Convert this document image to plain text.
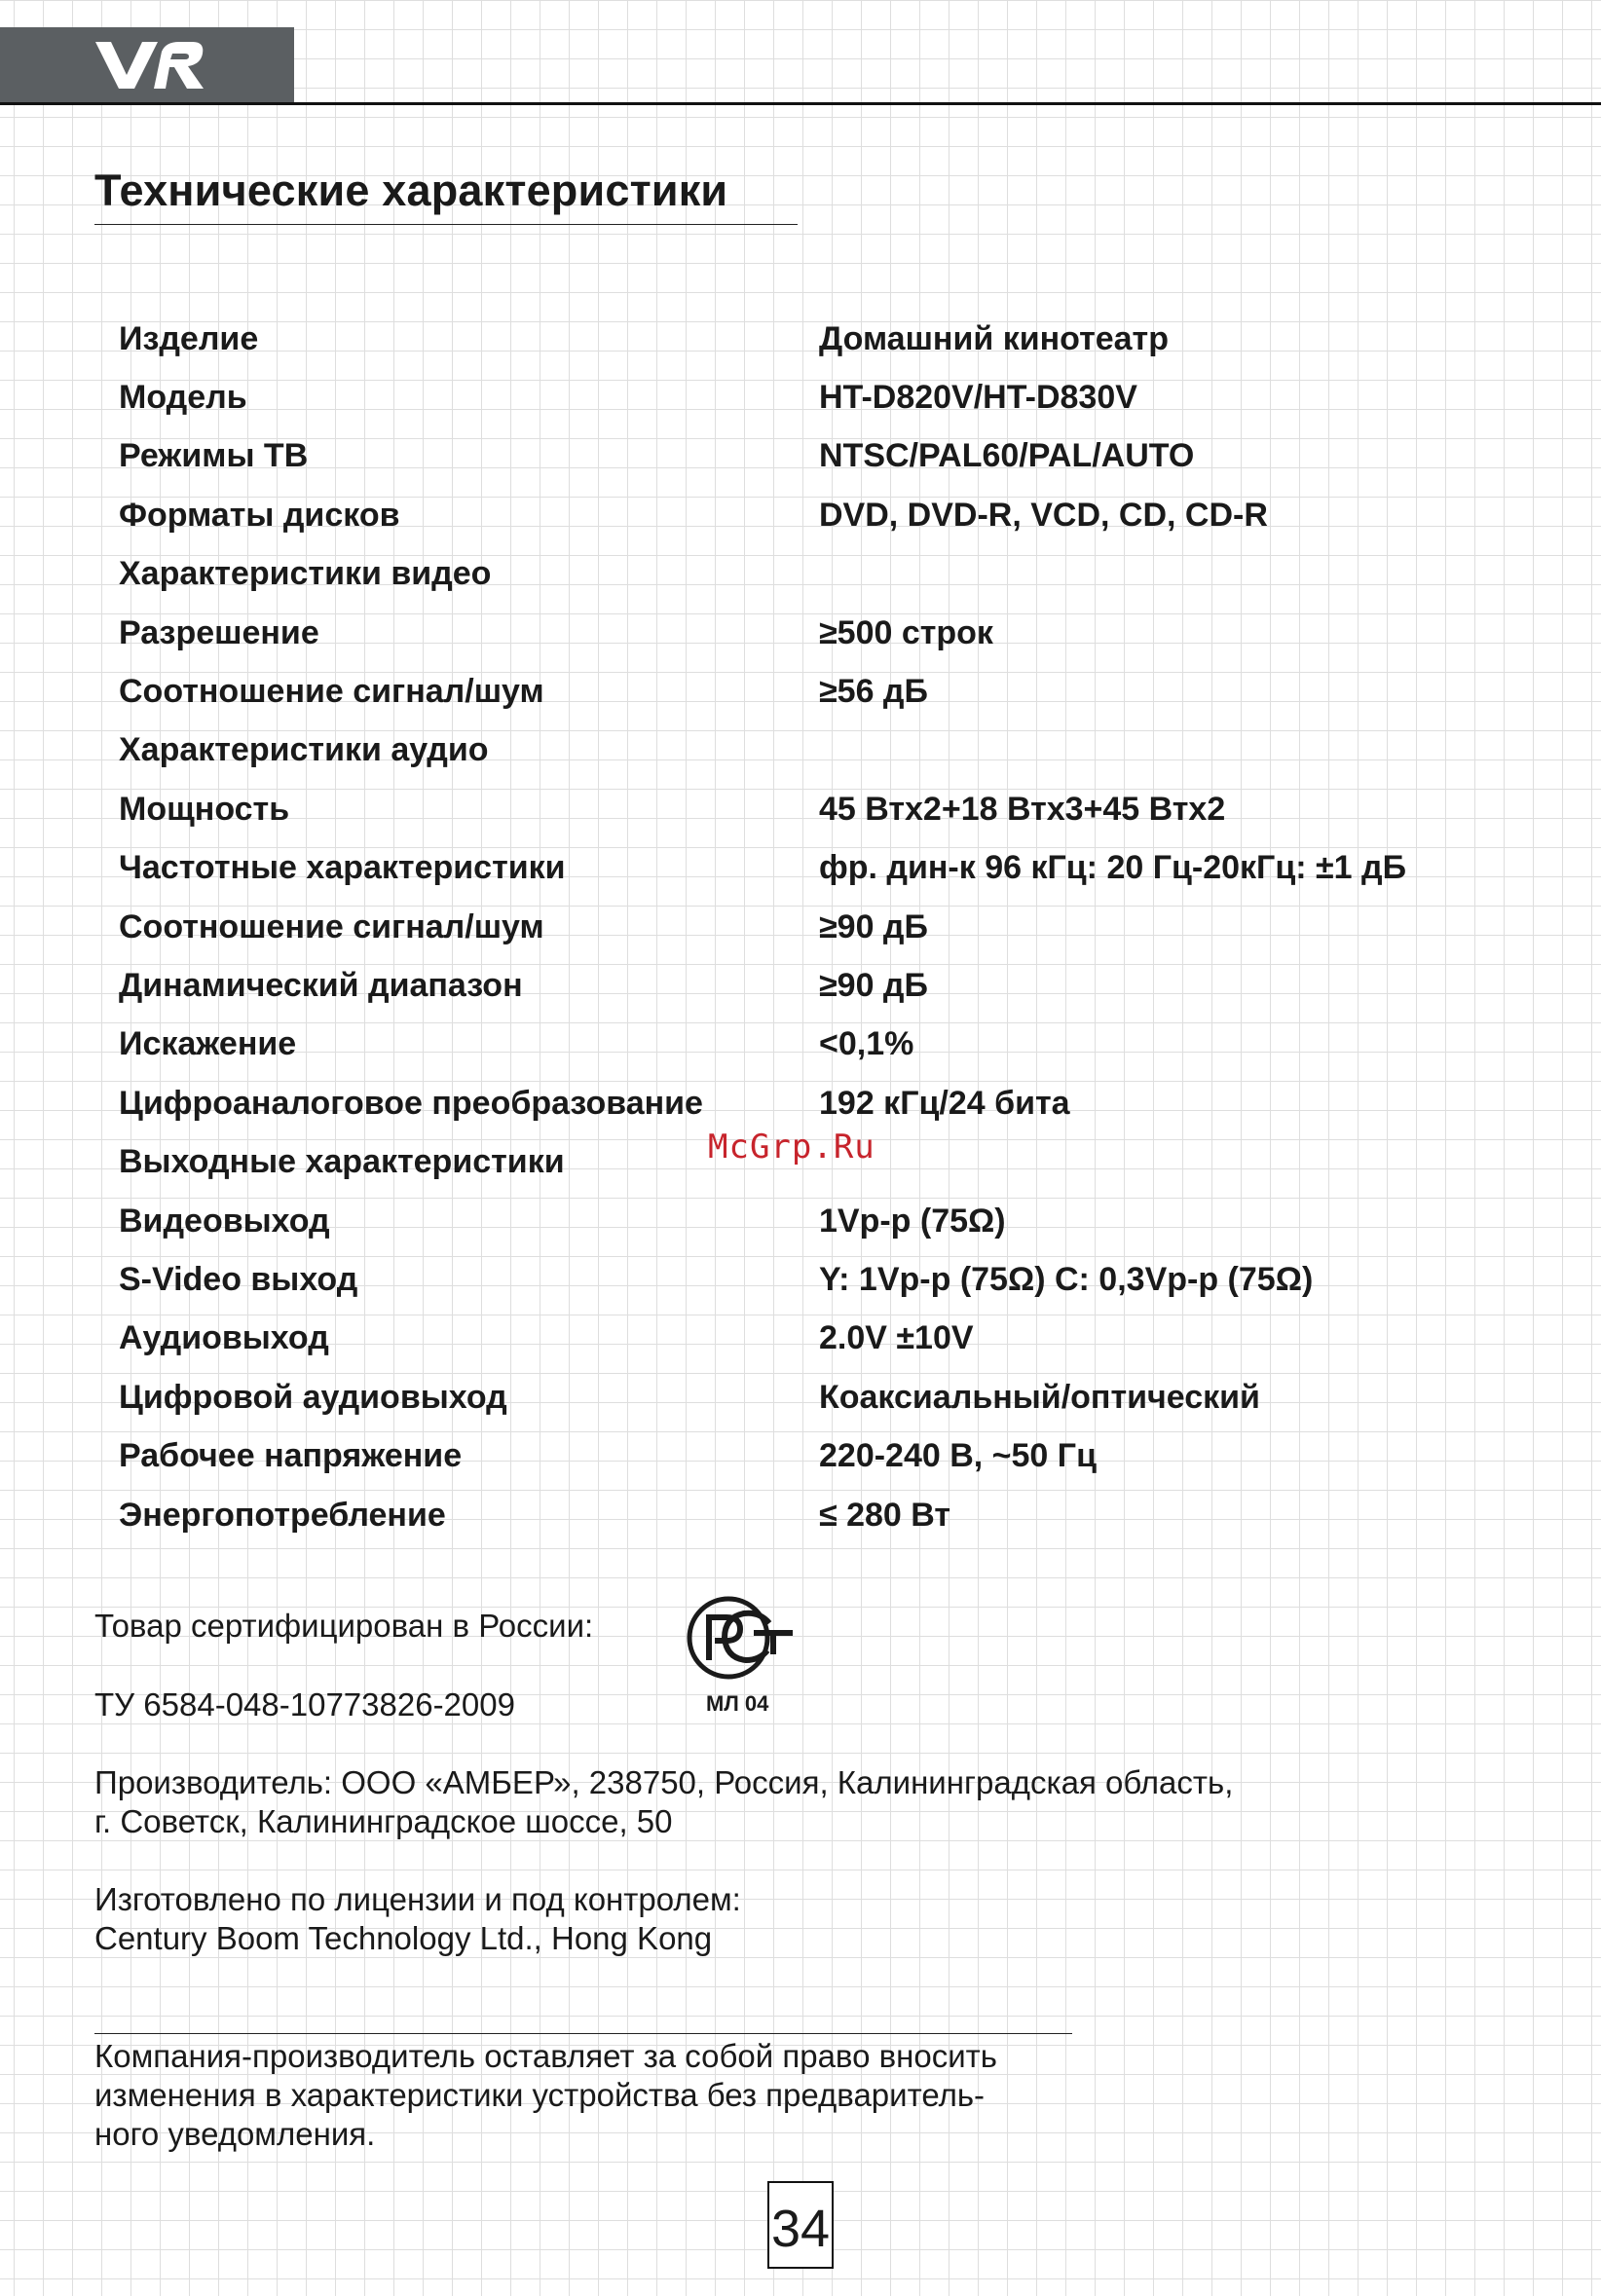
Технические характеристики
Изделие	Домашний кинотеатр
Модель	HT-D820V/HT-D830V
Режимы ТВ	NTSC/PAL60/PAL/AUTO
Форматы дисков	DVD, DVD-R, VCD, CD, CD-R
Характеристики видео
Разрешение	≥500 строк
Соотношение сигнал/шум	≥56 дБ
Характеристики аудио
Мощность	45 Втх2+18 Втх3+45 Втх2
Частотные характеристики	фр. дин-к 96 кГц: 20 Гц-20кГц: ±1 дБ
Соотношение сигнал/шум	≥90 дБ
Динамический диапазон	≥90 дБ
Искажение	<0,1%
Цифроаналоговое преобразование	192 кГц/24 бита
Выходные характеристики
Видеовыход	1Vp-p (75Ω)
S-Video выход	Y: 1Vp-p (75Ω) C: 0,3Vp-p (75Ω)
Аудиовыход	2.0V ±10V
Цифровой аудиовыход	Коаксиальный/оптический
Рабочее напряжение	220-240 В, ~50 Гц
Энергопотребление	≤ 280 Вт
McGrp.Ru

Товар сертифицирован в России:

ТУ 6584-048-10773826-2009	МЛ 04

Производитель: ООО «АМБЕР», 238750, Россия, Калининградская область,

г. Советск, Калининградское шоссе, 50

Изготовлено по лицензии и под контролем:

Century Boom Technology Ltd., Hong Kong

Компания-производитель оставляет за собой право вносить

изменения в характеристики устройства без предваритель-

ного уведомления.

34
